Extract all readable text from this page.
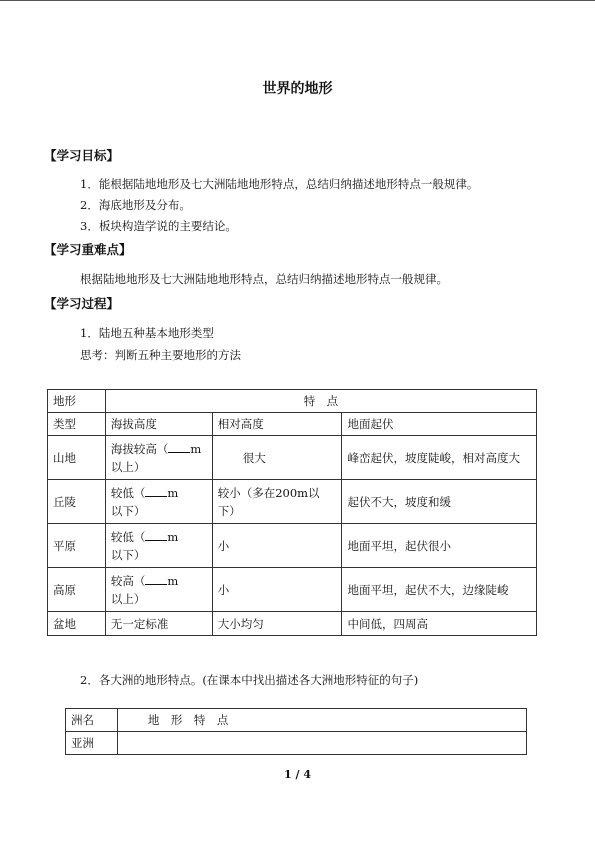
世界的地形
【学习目标】
1．能根据陆地地形及七大洲陆地地形特点，总结归纳描述地形特点一般规律。
2．海底地形及分布。
3．板块构造学说的主要结论。
【学习重难点】
根据陆地地形及七大洲陆地地形特点，总结归纳描述地形特点一般规律。
【学习过程】
1．陆地五种基本地形类型
思考：判断五种主要地形的方法
地形	特　点		
类型	海拔高度	相对高度	地面起伏
山地	海拔较高（ m
以上）	很大	峰峦起伏，坡度陡峻，相对高度大
丘陵	较低（ m
以下）	较小（多在200m以下）	起伏不大，坡度和缓
平原	较低（ m
以下）	小	地面平坦，起伏很小
高原	较高（ m
以上）	小	地面平坦，起伏不大，边缘陡峻
盆地	无一定标准	大小均匀	中间低，四周高
2．各大洲的地形特点。(在课本中找出描述各大洲地形特征的句子)
洲名	地　形　特　点
亚洲	
1 / 4
